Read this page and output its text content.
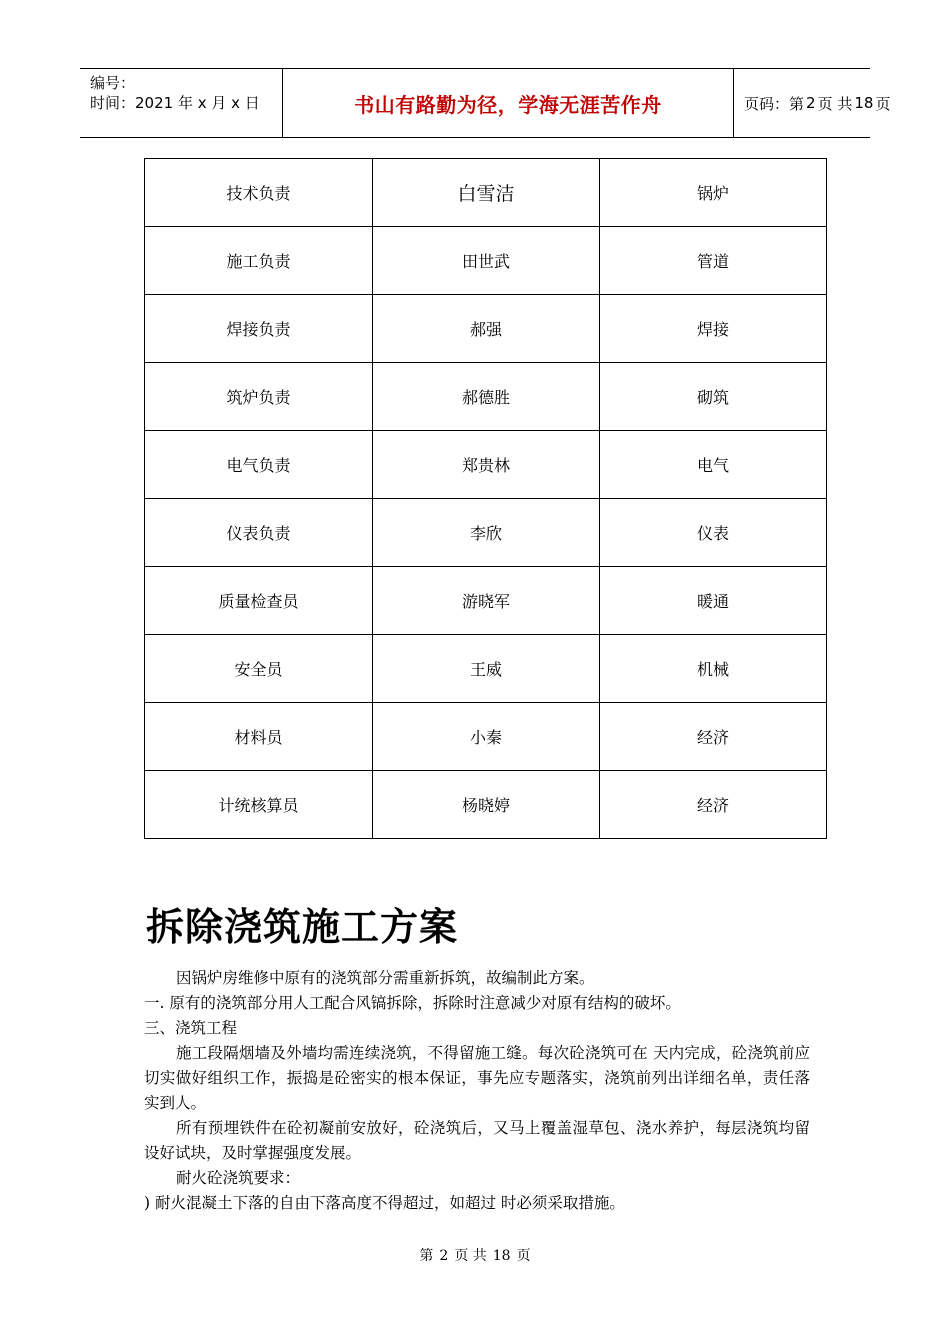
编号：
时间：2021 年 x 月 x 日	书山有路勤为径，学海无涯苦作舟	页码：第 2 页 共 18 页
技术负责	白雪洁	锅炉
施工负责	田世武	管道
焊接负责	郝强	焊接
筑炉负责	郝德胜	砌筑
电气负责	郑贵林	电气
仪表负责	李欣	仪表
质量检查员	游晓军	暖通
安全员	王威	机械
材料员	小秦	经济
计统核算员	杨晓婷	经济
拆除浇筑施工方案

因锅炉房维修中原有的浇筑部分需重新拆筑，故编制此方案。

一. 原有的浇筑部分用人工配合风镐拆除，拆除时注意减少对原有结构的破坏。

三、浇筑工程

施工段隔烟墙及外墙均需连续浇筑，不得留施工缝。每次砼浇筑可在 天内完成，砼浇筑前应切实做好组织工作，振捣是砼密实的根本保证，事先应专题落实，浇筑前列出详细名单，责任落实到人。

所有预埋铁件在砼初凝前安放好，砼浇筑后，又马上覆盖湿草包、浇水养护，每层浇筑均留设好试块，及时掌握强度发展。

耐火砼浇筑要求：

) 耐火混凝土下落的自由下落高度不得超过，如超过 时必须采取措施。

第 2 页 共 18 页
